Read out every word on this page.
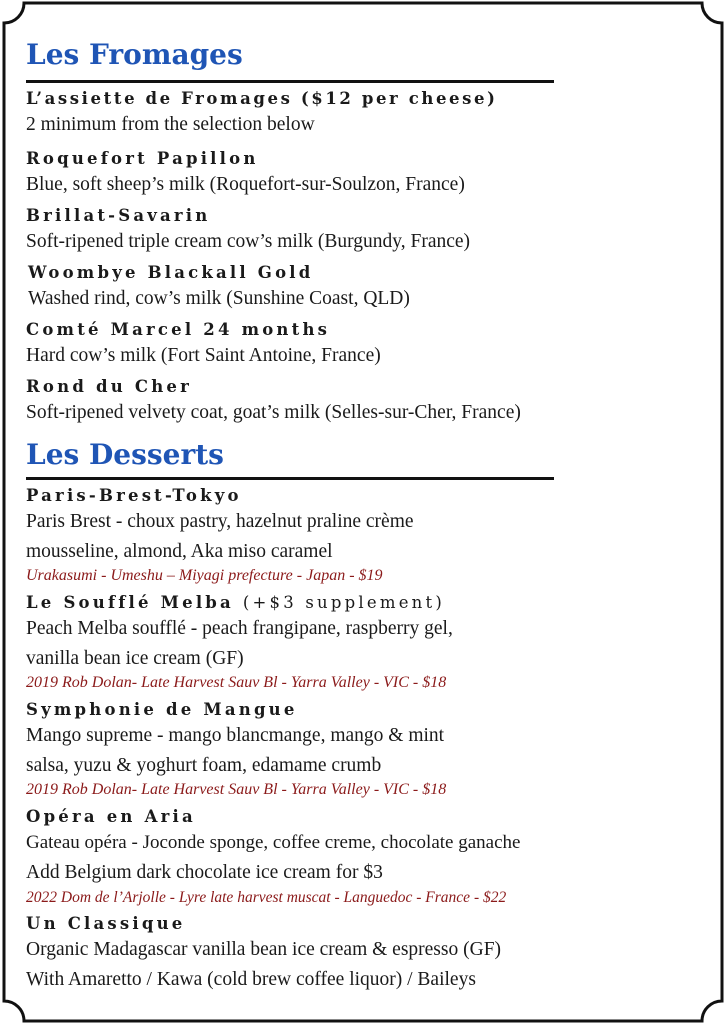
Les Fromages
L’assiette de Fromages ($12 per cheese)
2 minimum from the selection below
Roquefort Papillon
Blue, soft sheep’s milk (Roquefort-sur-Soulzon, France)
Brillat-Savarin
Soft-ripened triple cream cow’s milk (Burgundy, France)
Woombye Blackall Gold
Washed rind, cow’s milk (Sunshine Coast, QLD)
Comté Marcel 24 months
Hard cow’s milk (Fort Saint Antoine, France)
Rond du Cher
Soft-ripened velvety coat, goat’s milk (Selles-sur-Cher, France)
Les Desserts
Paris-Brest-Tokyo
Paris Brest - choux pastry, hazelnut praline crème
mousseline, almond, Aka miso caramel
Urakasumi - Umeshu – Miyagi prefecture - Japan - $19
Le Soufflé Melba (+$3 supplement)
Peach Melba soufflé - peach frangipane, raspberry gel,
vanilla bean ice cream (GF)
2019 Rob Dolan- Late Harvest Sauv Bl - Yarra Valley - VIC - $18
Symphonie de Mangue
Mango supreme - mango blancmange, mango & mint
salsa, yuzu & yoghurt foam, edamame crumb
2019 Rob Dolan- Late Harvest Sauv Bl - Yarra Valley - VIC - $18
Opéra en Aria
Gateau opéra - Joconde sponge, coffee creme, chocolate ganache
Add Belgium dark chocolate ice cream for $3
2022 Dom de l’Arjolle - Lyre late harvest muscat - Languedoc - France - $22
Un Classique
Organic Madagascar vanilla bean ice cream & espresso (GF)
With Amaretto / Kawa (cold brew coffee liquor) / Baileys
